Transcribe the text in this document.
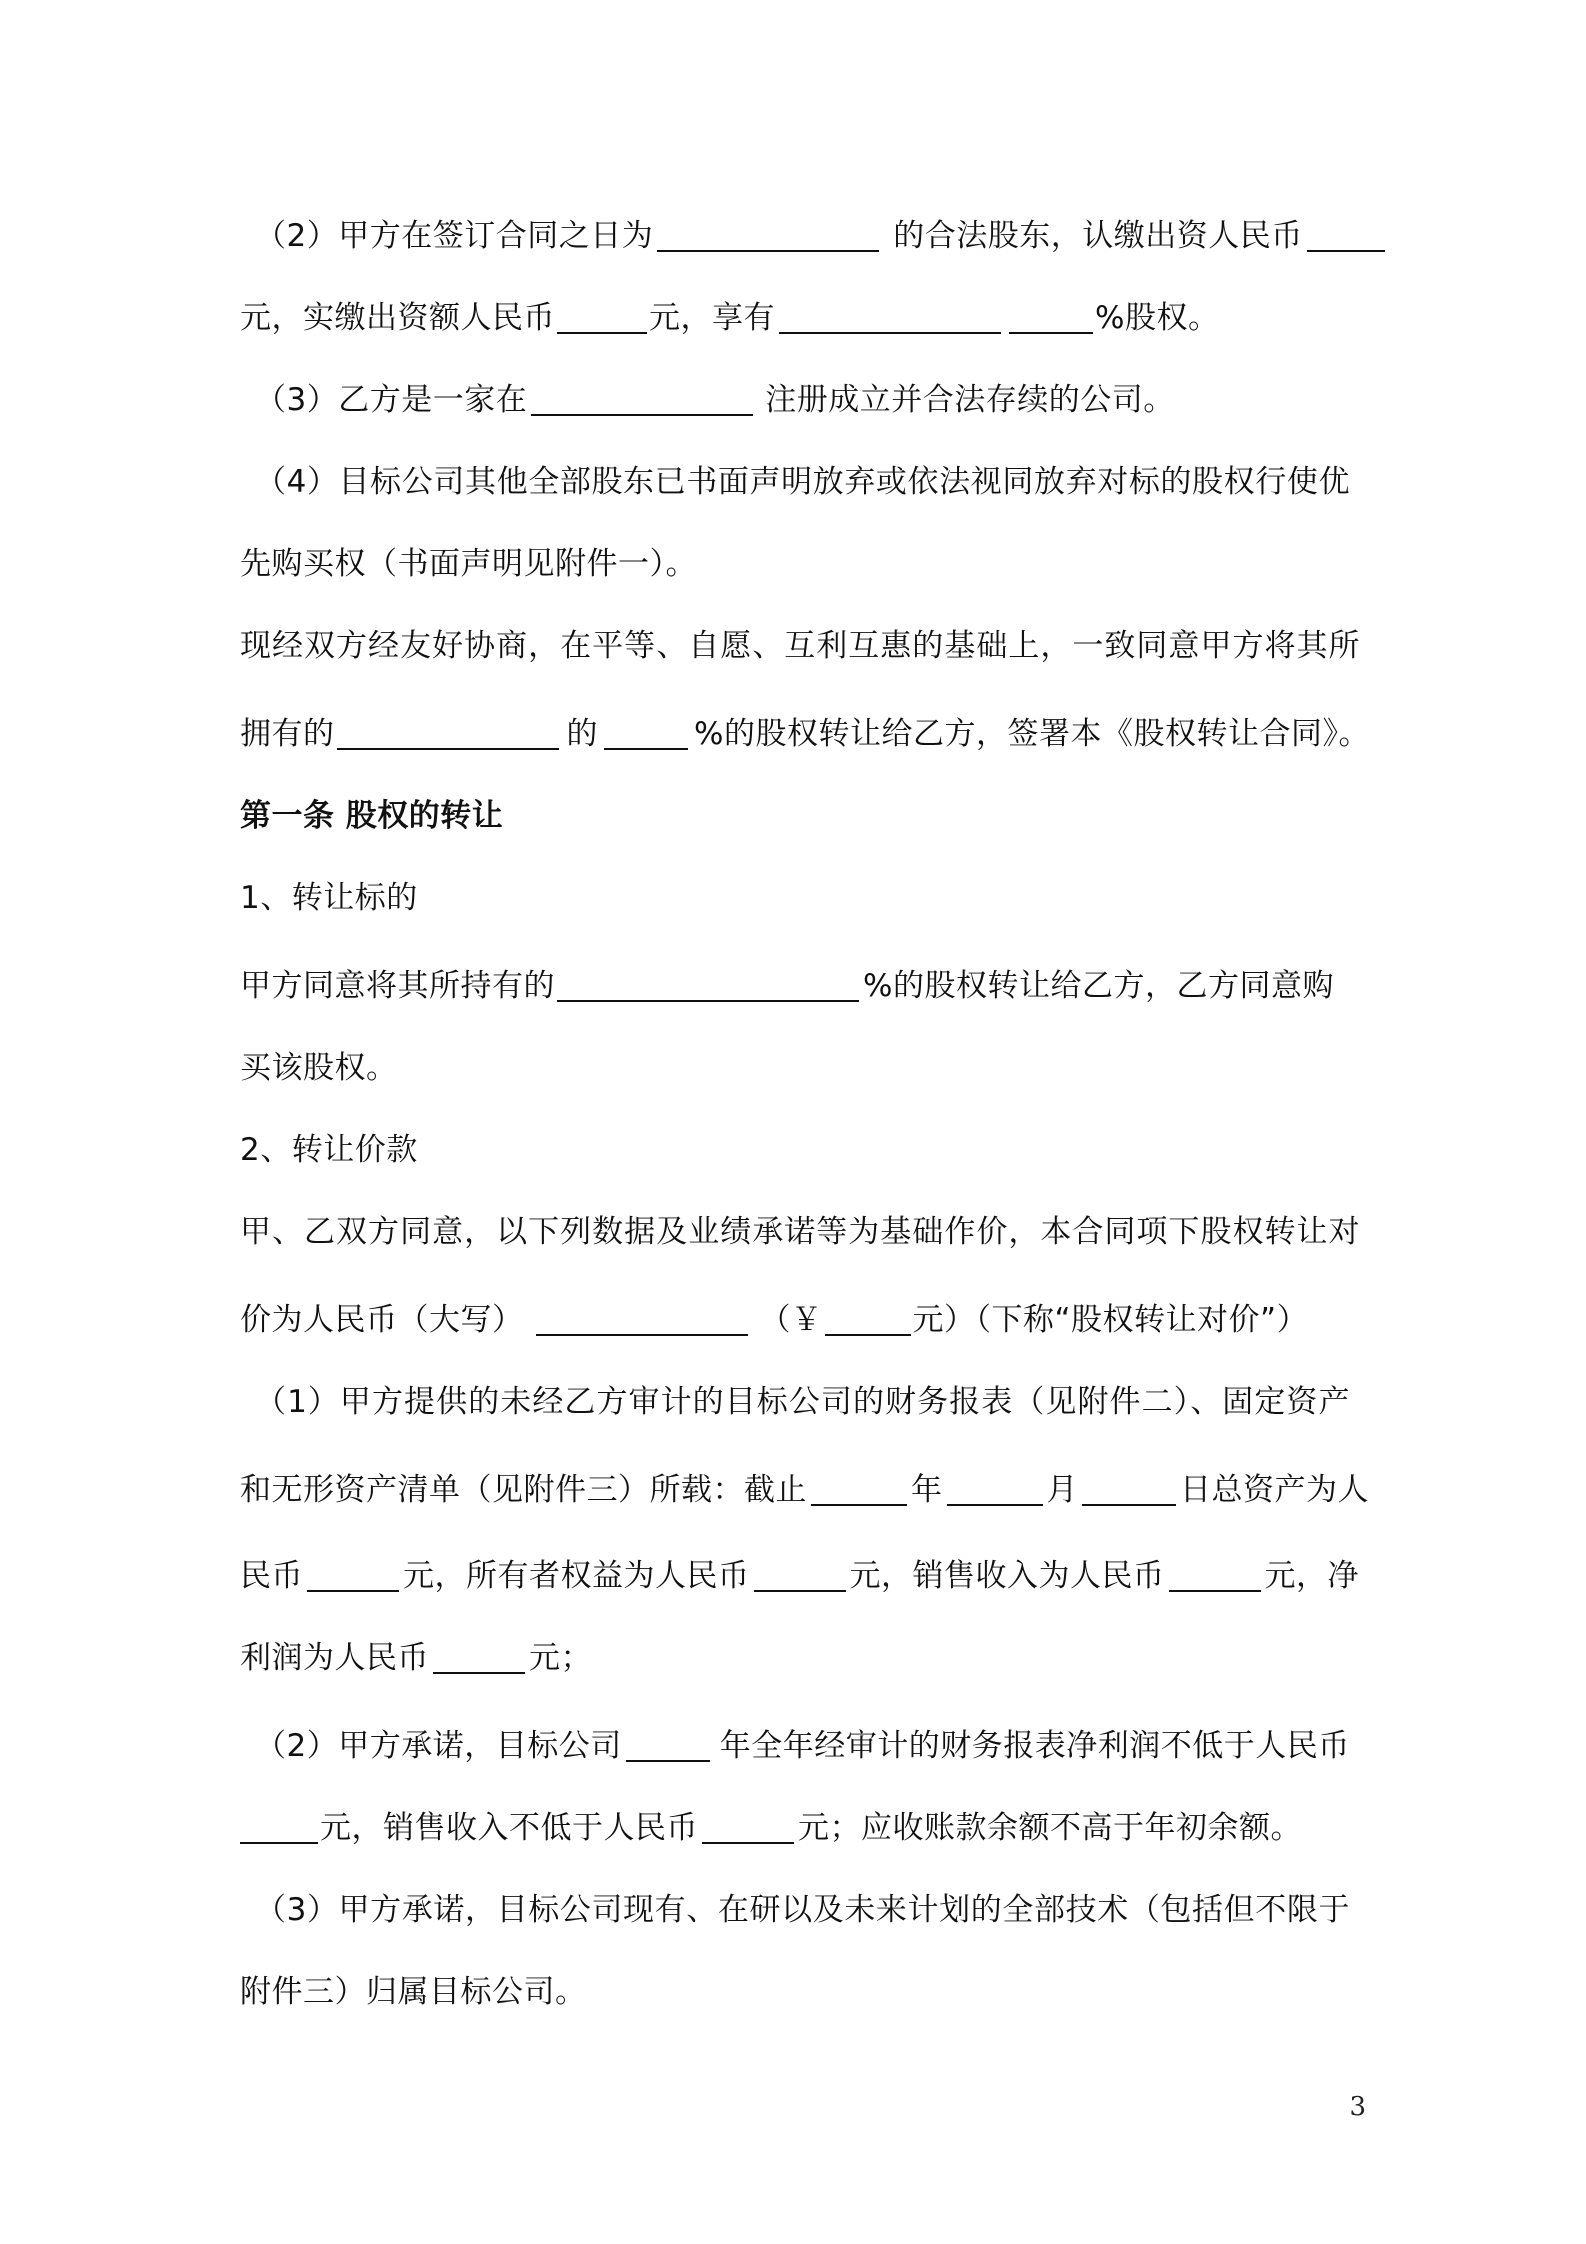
（2）甲方在签订合同之日为	的合法股东，认缴出资人民币
元，实缴出资额人民币	元，享有	%股权。
（3）乙方是一家在	注册成立并合法存续的公司。
（4）目标公司其他全部股东已书面声明放弃或依法视同放弃对标的股权行使优
先购买权（书面声明见附件一）。
现经双方经友好协商，在平等、自愿、互利互惠的基础上，一致同意甲方将其所
拥有的	的	%的股权转让给乙方，签署本《股权转让合同》。
第一条 股权的转让
1、转让标的
甲方同意将其所持有的	%的股权转让给乙方，乙方同意购
买该股权。
2、转让价款
甲、乙双方同意，以下列数据及业绩承诺等为基础作价，本合同项下股权转让对
价为人民币（大写）	（￥	元）（下称“股权转让对价”）
（1）甲方提供的未经乙方审计的目标公司的财务报表（见附件二）、固定资产
和无形资产清单（见附件三）所载：截止	年	月	日总资产为人
民币	元，所有者权益为人民币	元，销售收入为人民币	元，净
利润为人民币	元；
（2）甲方承诺，目标公司	年全年经审计的财务报表净利润不低于人民币
元，销售收入不低于人民币	元；应收账款余额不高于年初余额。
（3）甲方承诺，目标公司现有、在研以及未来计划的全部技术（包括但不限于
附件三）归属目标公司。
3
